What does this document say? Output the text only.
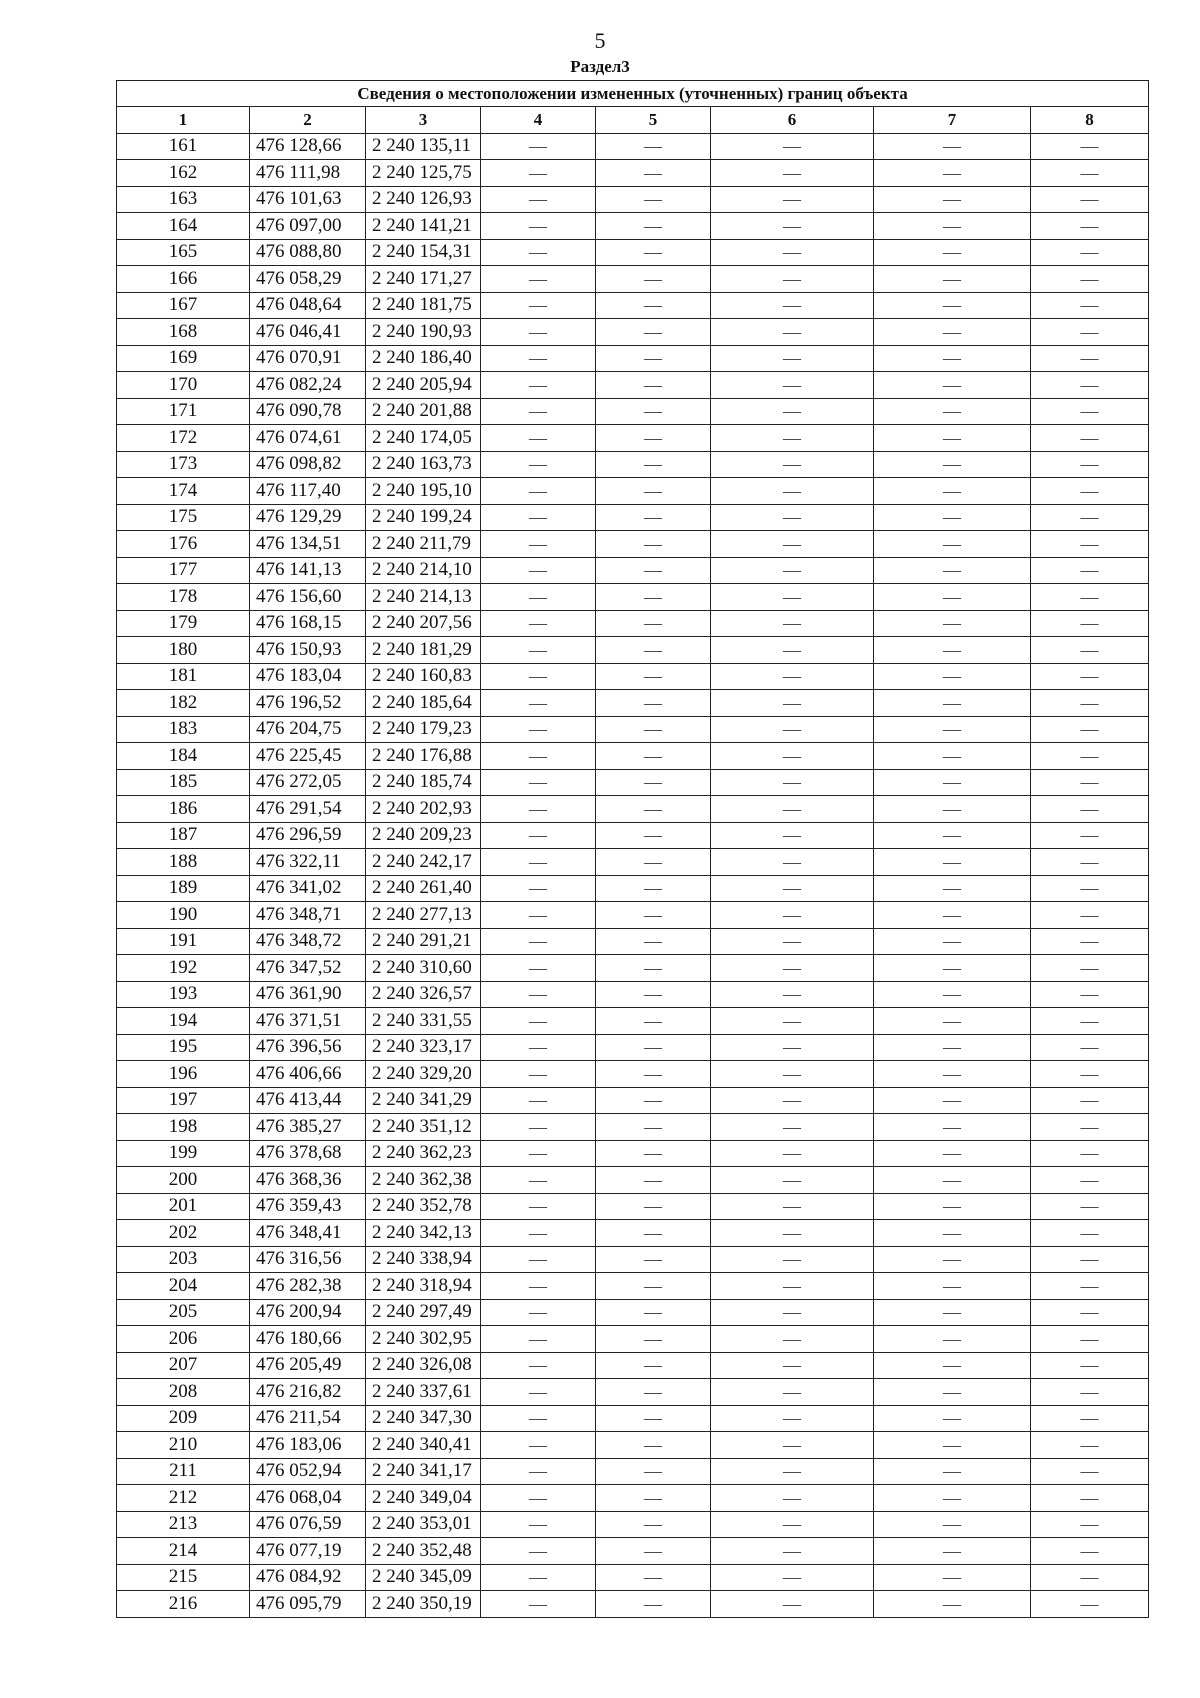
5
Раздел3
Сведения о местоположении измененных (уточненных) границ объекта							
1	2	3	4	5	6	7	8
161	476 128,66	2 240 135,11	—	—	—	—	—
162	476 111,98	2 240 125,75	—	—	—	—	—
163	476 101,63	2 240 126,93	—	—	—	—	—
164	476 097,00	2 240 141,21	—	—	—	—	—
165	476 088,80	2 240 154,31	—	—	—	—	—
166	476 058,29	2 240 171,27	—	—	—	—	—
167	476 048,64	2 240 181,75	—	—	—	—	—
168	476 046,41	2 240 190,93	—	—	—	—	—
169	476 070,91	2 240 186,40	—	—	—	—	—
170	476 082,24	2 240 205,94	—	—	—	—	—
171	476 090,78	2 240 201,88	—	—	—	—	—
172	476 074,61	2 240 174,05	—	—	—	—	—
173	476 098,82	2 240 163,73	—	—	—	—	—
174	476 117,40	2 240 195,10	—	—	—	—	—
175	476 129,29	2 240 199,24	—	—	—	—	—
176	476 134,51	2 240 211,79	—	—	—	—	—
177	476 141,13	2 240 214,10	—	—	—	—	—
178	476 156,60	2 240 214,13	—	—	—	—	—
179	476 168,15	2 240 207,56	—	—	—	—	—
180	476 150,93	2 240 181,29	—	—	—	—	—
181	476 183,04	2 240 160,83	—	—	—	—	—
182	476 196,52	2 240 185,64	—	—	—	—	—
183	476 204,75	2 240 179,23	—	—	—	—	—
184	476 225,45	2 240 176,88	—	—	—	—	—
185	476 272,05	2 240 185,74	—	—	—	—	—
186	476 291,54	2 240 202,93	—	—	—	—	—
187	476 296,59	2 240 209,23	—	—	—	—	—
188	476 322,11	2 240 242,17	—	—	—	—	—
189	476 341,02	2 240 261,40	—	—	—	—	—
190	476 348,71	2 240 277,13	—	—	—	—	—
191	476 348,72	2 240 291,21	—	—	—	—	—
192	476 347,52	2 240 310,60	—	—	—	—	—
193	476 361,90	2 240 326,57	—	—	—	—	—
194	476 371,51	2 240 331,55	—	—	—	—	—
195	476 396,56	2 240 323,17	—	—	—	—	—
196	476 406,66	2 240 329,20	—	—	—	—	—
197	476 413,44	2 240 341,29	—	—	—	—	—
198	476 385,27	2 240 351,12	—	—	—	—	—
199	476 378,68	2 240 362,23	—	—	—	—	—
200	476 368,36	2 240 362,38	—	—	—	—	—
201	476 359,43	2 240 352,78	—	—	—	—	—
202	476 348,41	2 240 342,13	—	—	—	—	—
203	476 316,56	2 240 338,94	—	—	—	—	—
204	476 282,38	2 240 318,94	—	—	—	—	—
205	476 200,94	2 240 297,49	—	—	—	—	—
206	476 180,66	2 240 302,95	—	—	—	—	—
207	476 205,49	2 240 326,08	—	—	—	—	—
208	476 216,82	2 240 337,61	—	—	—	—	—
209	476 211,54	2 240 347,30	—	—	—	—	—
210	476 183,06	2 240 340,41	—	—	—	—	—
211	476 052,94	2 240 341,17	—	—	—	—	—
212	476 068,04	2 240 349,04	—	—	—	—	—
213	476 076,59	2 240 353,01	—	—	—	—	—
214	476 077,19	2 240 352,48	—	—	—	—	—
215	476 084,92	2 240 345,09	—	—	—	—	—
216	476 095,79	2 240 350,19	—	—	—	—	—
